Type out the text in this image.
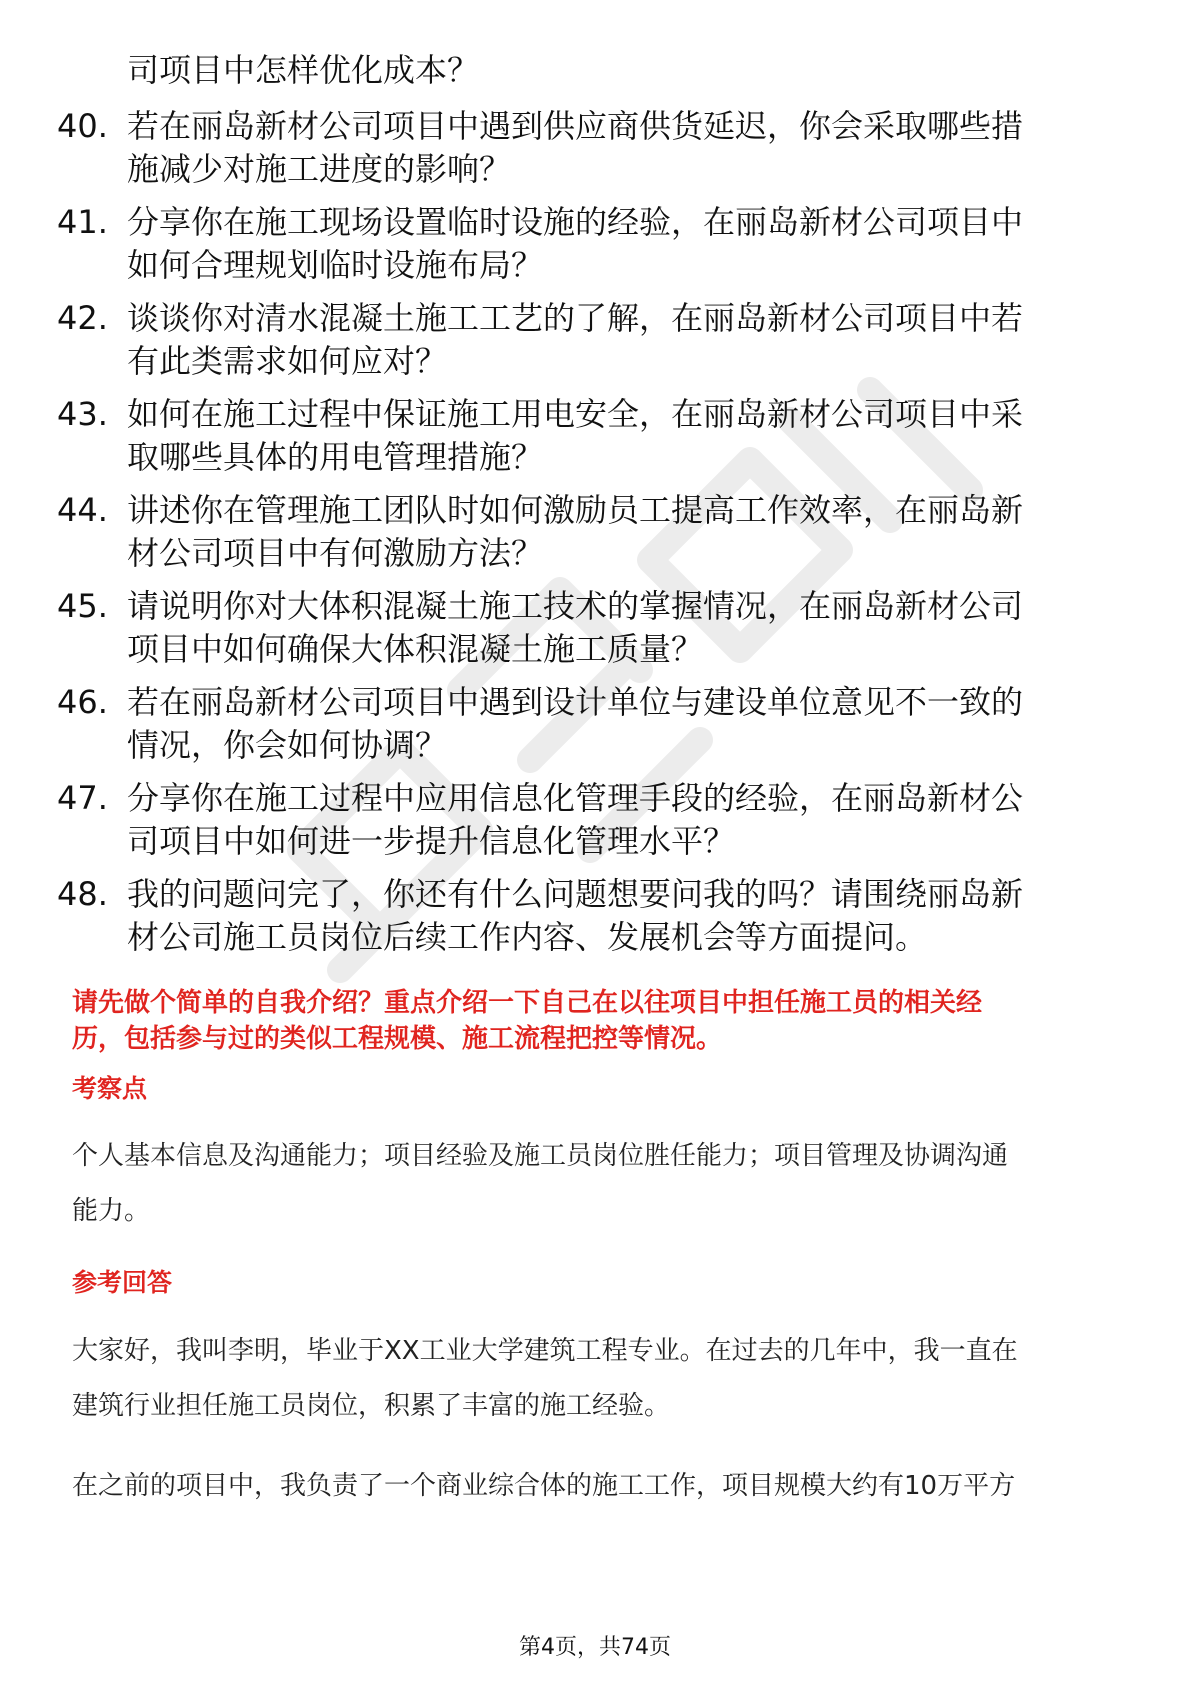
司项目中怎样优化成本？
40. 若在丽岛新材公司项目中遇到供应商供货延迟，你会采取哪些措
施减少对施工进度的影响？
41. 分享你在施工现场设置临时设施的经验，在丽岛新材公司项目中
如何合理规划临时设施布局？
42. 谈谈你对清水混凝土施工工艺的了解，在丽岛新材公司项目中若
有此类需求如何应对？
43. 如何在施工过程中保证施工用电安全，在丽岛新材公司项目中采
取哪些具体的用电管理措施？
44. 讲述你在管理施工团队时如何激励员工提高工作效率，在丽岛新
材公司项目中有何激励方法？
45. 请说明你对大体积混凝土施工技术的掌握情况，在丽岛新材公司
项目中如何确保大体积混凝土施工质量？
46. 若在丽岛新材公司项目中遇到设计单位与建设单位意见不一致的
情况，你会如何协调？
47. 分享你在施工过程中应用信息化管理手段的经验，在丽岛新材公
司项目中如何进一步提升信息化管理水平？
48. 我的问题问完了，你还有什么问题想要问我的吗？请围绕丽岛新
材公司施工员岗位后续工作内容、发展机会等方面提问。
请先做个简单的自我介绍？重点介绍一下自己在以往项目中担任施工员的相关经
历，包括参与过的类似工程规模、施工流程把控等情况。
考察点
个人基本信息及沟通能力；项目经验及施工员岗位胜任能力；项目管理及协调沟通
能力。
参考回答
大家好，我叫李明，毕业于XX工业大学建筑工程专业。在过去的几年中，我一直在
建筑行业担任施工员岗位，积累了丰富的施工经验。
在之前的项目中，我负责了一个商业综合体的施工工作，项目规模大约有10万平方
第4页，共74页
